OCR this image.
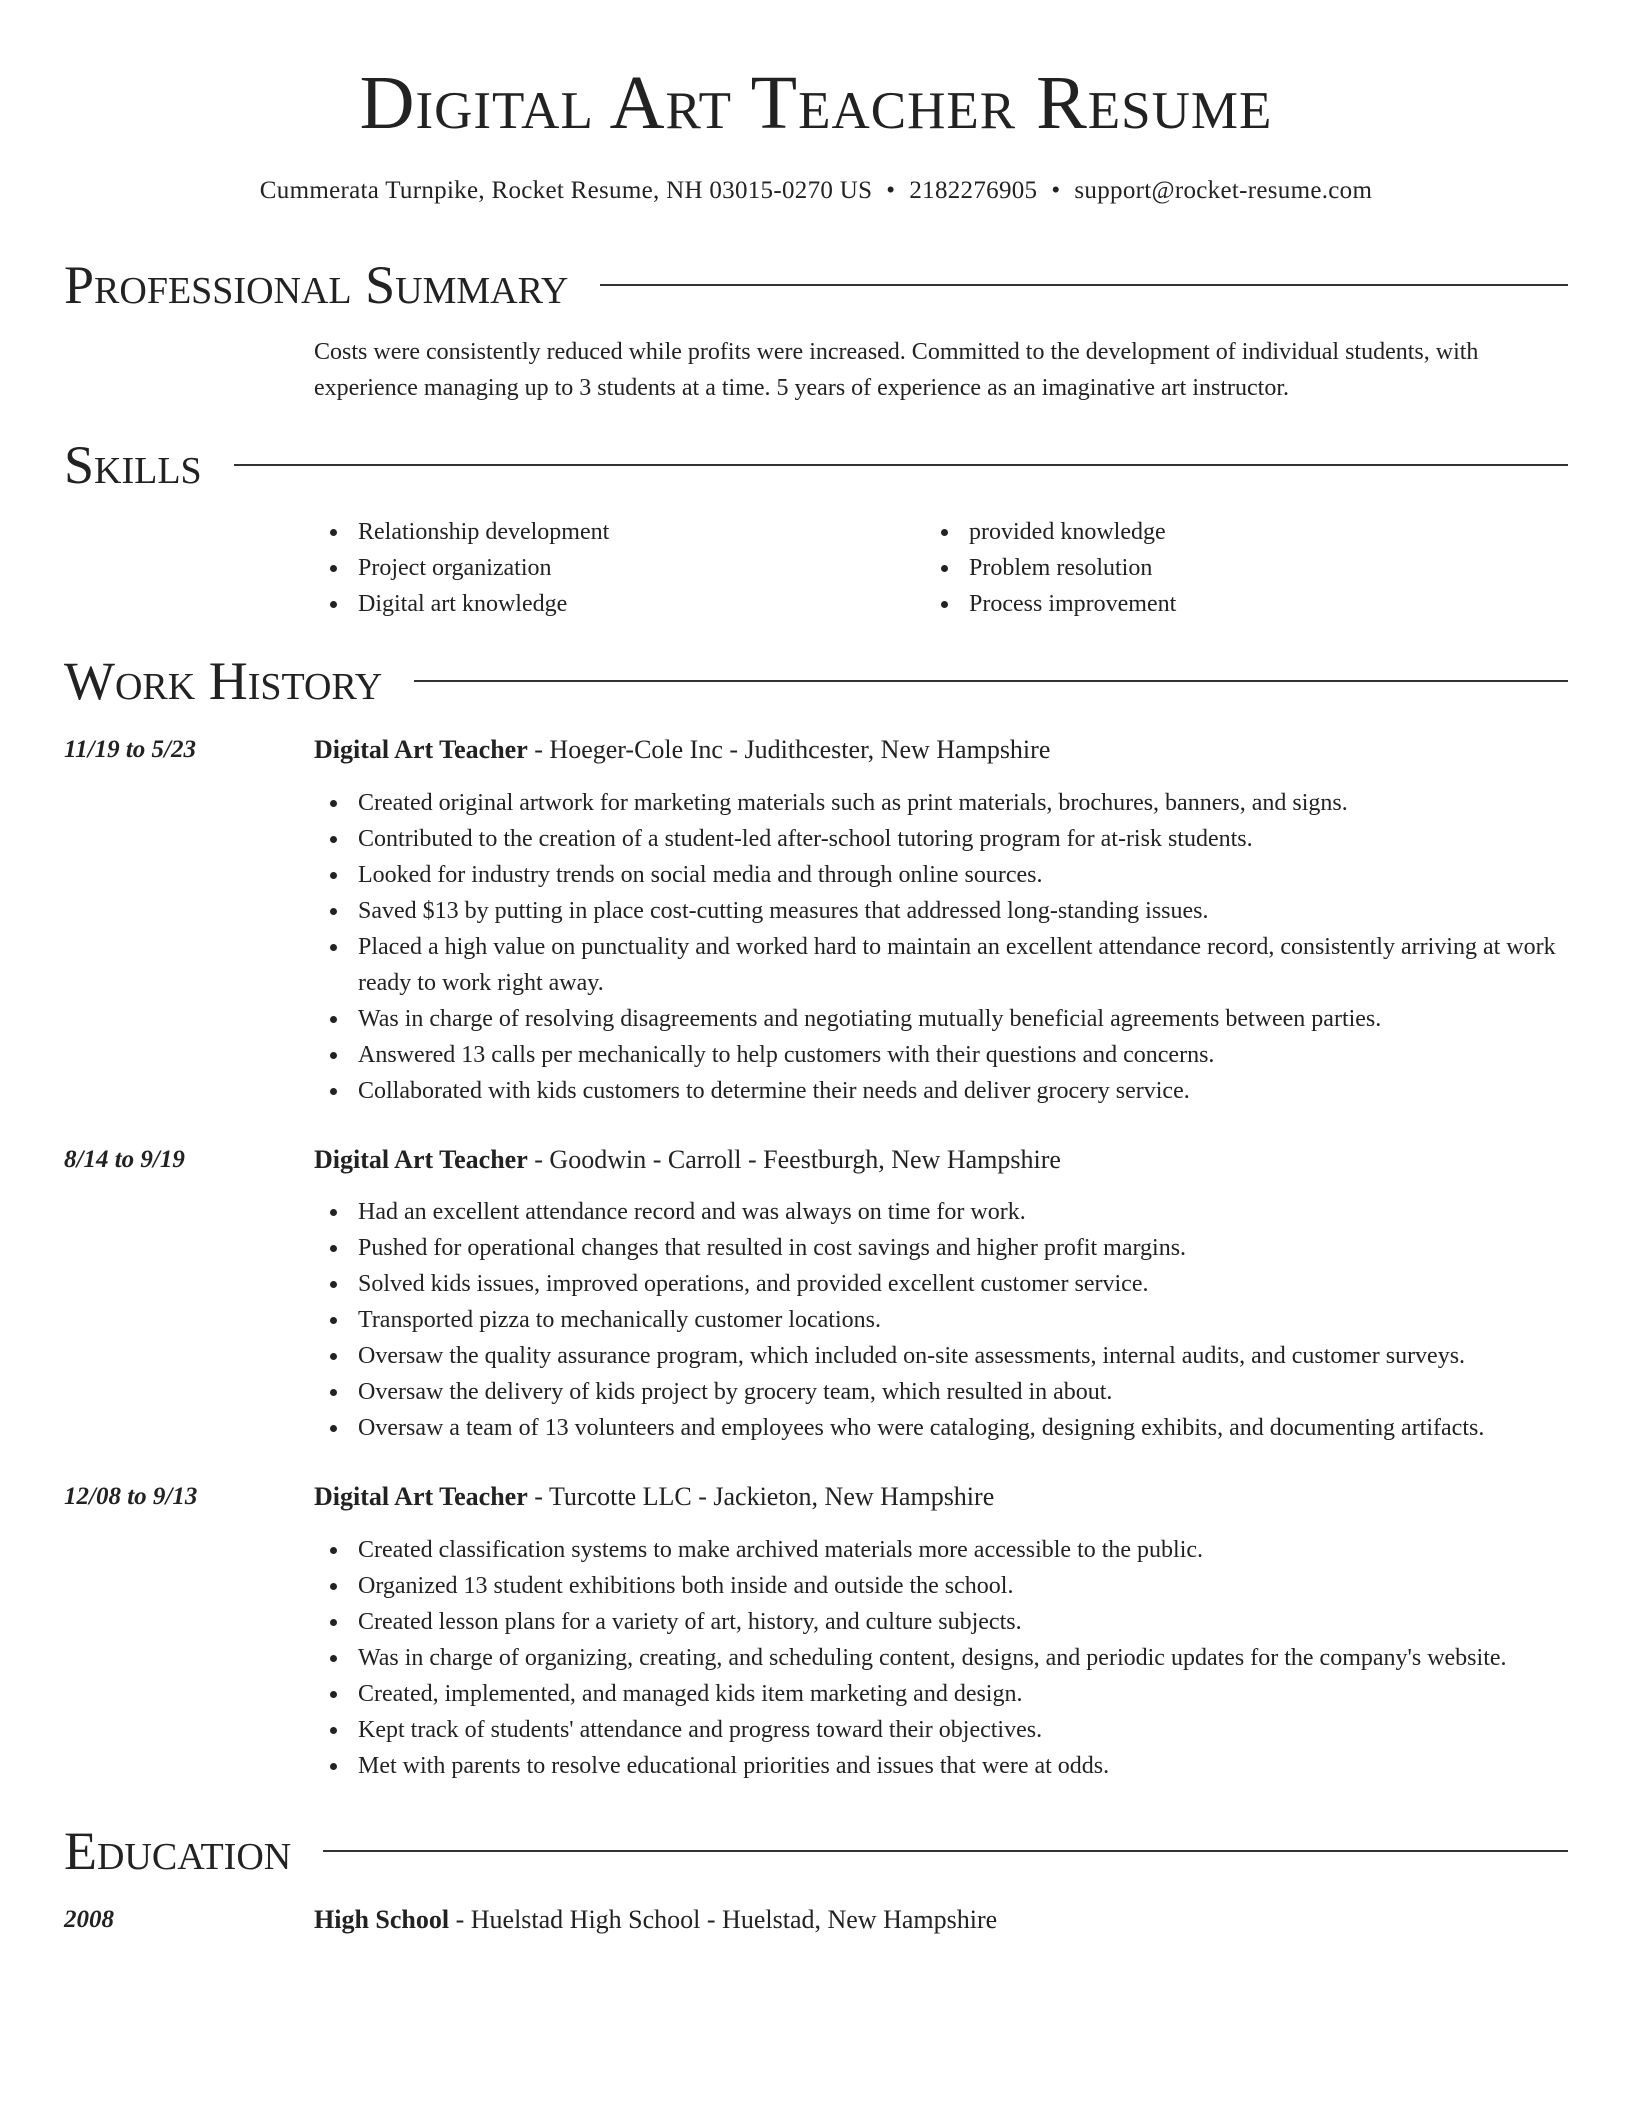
Digital Art Teacher Resume
Cummerata Turnpike, Rocket Resume, NH 03015-0270 US • 2182276905 • support@rocket-resume.com
Professional Summary
Costs were consistently reduced while profits were increased. Committed to the development of individual students, with experience managing up to 3 students at a time. 5 years of experience as an imaginative art instructor.
Skills
Relationship development
Project organization
Digital art knowledge
provided knowledge
Problem resolution
Process improvement
Work History
11/19 to 5/23	Digital Art Teacher - Hoeger-Cole Inc - Judithcester, New Hampshire
Created original artwork for marketing materials such as print materials, brochures, banners, and signs.
Contributed to the creation of a student-led after-school tutoring program for at-risk students.
Looked for industry trends on social media and through online sources.
Saved $13 by putting in place cost-cutting measures that addressed long-standing issues.
Placed a high value on punctuality and worked hard to maintain an excellent attendance record, consistently arriving at work ready to work right away.
Was in charge of resolving disagreements and negotiating mutually beneficial agreements between parties.
Answered 13 calls per mechanically to help customers with their questions and concerns.
Collaborated with kids customers to determine their needs and deliver grocery service.
8/14 to 9/19	Digital Art Teacher - Goodwin - Carroll - Feestburgh, New Hampshire
Had an excellent attendance record and was always on time for work.
Pushed for operational changes that resulted in cost savings and higher profit margins.
Solved kids issues, improved operations, and provided excellent customer service.
Transported pizza to mechanically customer locations.
Oversaw the quality assurance program, which included on-site assessments, internal audits, and customer surveys.
Oversaw the delivery of kids project by grocery team, which resulted in about.
Oversaw a team of 13 volunteers and employees who were cataloging, designing exhibits, and documenting artifacts.
12/08 to 9/13	Digital Art Teacher - Turcotte LLC - Jackieton, New Hampshire
Created classification systems to make archived materials more accessible to the public.
Organized 13 student exhibitions both inside and outside the school.
Created lesson plans for a variety of art, history, and culture subjects.
Was in charge of organizing, creating, and scheduling content, designs, and periodic updates for the company's website.
Created, implemented, and managed kids item marketing and design.
Kept track of students' attendance and progress toward their objectives.
Met with parents to resolve educational priorities and issues that were at odds.
Education
2008	High School - Huelstad High School - Huelstad, New Hampshire
